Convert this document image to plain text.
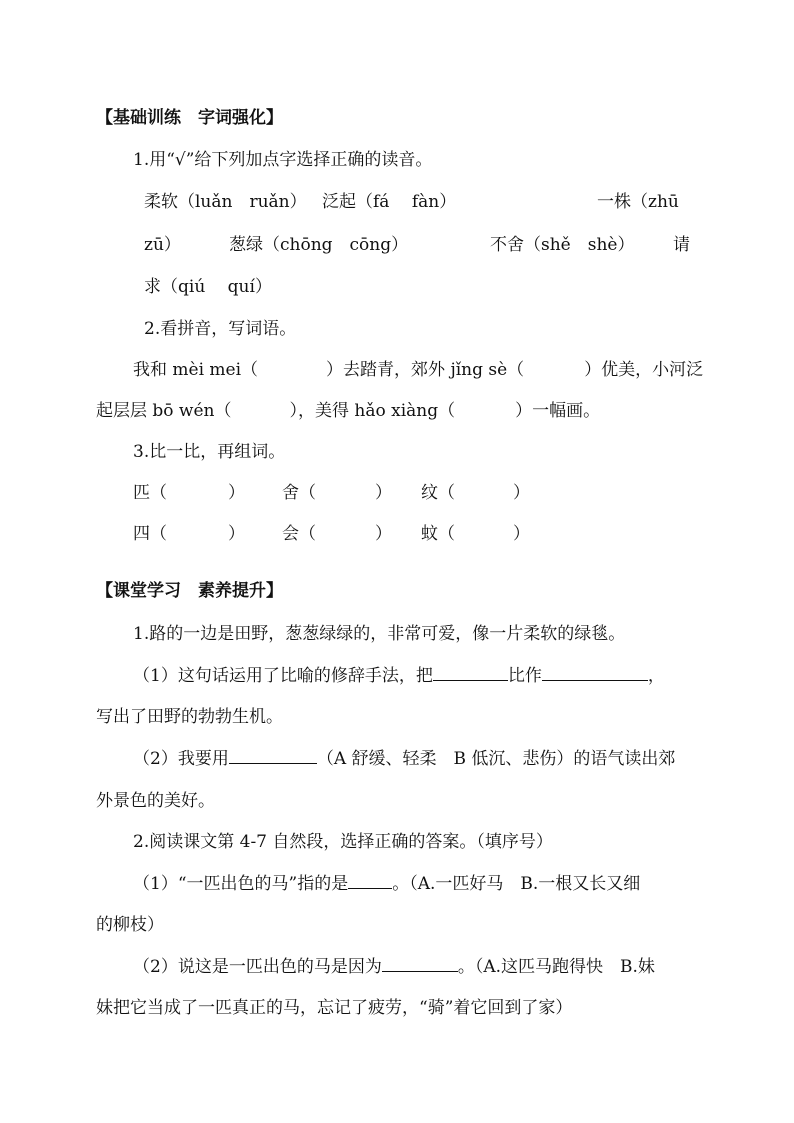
【基础训练　字词强化】
1.用“√”给下列加点字选择正确的读音。
柔软（luǎn　ruǎn） 泛起（fá　 fàn）	一株（zhū
zū）	葱绿（chōng　cōng）	不舍（shě　shè） 请
求（qiú　 quí）
2.看拼音，写词语。
我和 mèi mei（	）去踏青，郊外 jǐng sè（	）优美，小河泛
起层层 bō wén（	），美得 hǎo xiàng（	）一幅画。
3.比一比，再组词。
匹（	） 舍（	） 纹（	）
四（	） 会（	） 蚊（	）
【课堂学习　素养提升】
1.路的一边是田野，葱葱绿绿的，非常可爱，像一片柔软的绿毯。
（1）这句话运用了比喻的修辞手法，把	比作	，
写出了田野的勃勃生机。
（2）我要用	（A 舒缓、轻柔　B 低沉、悲伤）的语气读出郊
外景色的美好。
2.阅读课文第 4-7 自然段，选择正确的答案。（填序号）
（1）“一匹出色的马”指的是	。（A.一匹好马　B.一根又长又细
的柳枝）
（2）说这是一匹出色的马是因为	。（A.这匹马跑得快　B.妹
妹把它当成了一匹真正的马，忘记了疲劳，“骑”着它回到了家）
